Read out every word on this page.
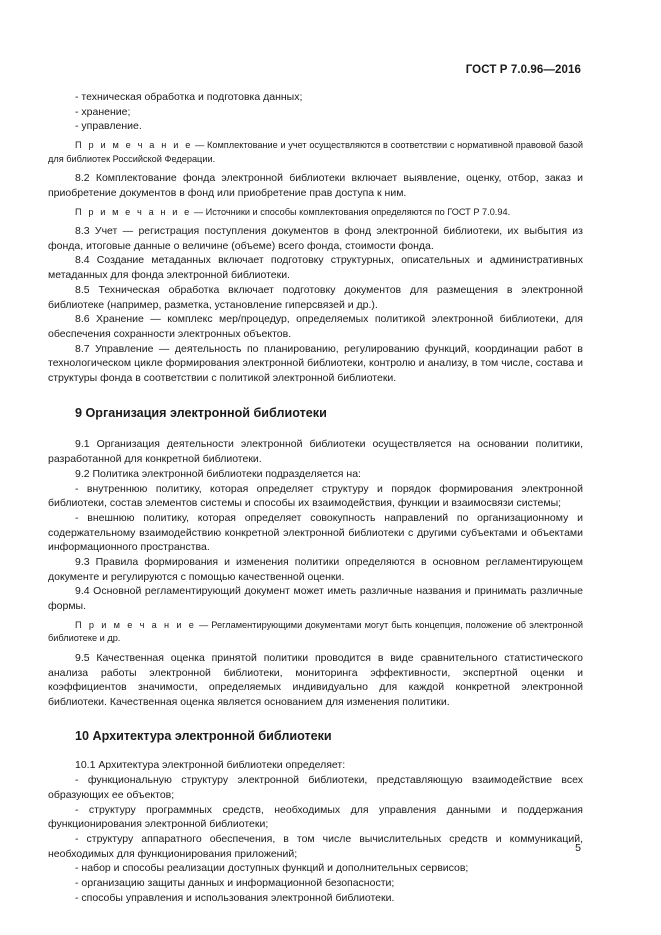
ГОСТ Р 7.0.96—2016

- техническая обработка и подготовка данных;

- хранение;

- управление.

П р и м е ч а н и е — Комплектование и учет осуществляются в соответствии с нормативной правовой базой для библиотек Российской Федерации.

8.2 Комплектование фонда электронной библиотеки включает выявление, оценку, отбор, заказ и приобретение документов в фонд или приобретение прав доступа к ним.

П р и м е ч а н и е — Источники и способы комплектования определяются по ГОСТ Р 7.0.94.

8.3 Учет — регистрация поступления документов в фонд электронной библиотеки, их выбытия из фонда, итоговые данные о величине (объеме) всего фонда, стоимости фонда.

8.4 Создание метаданных включает подготовку структурных, описательных и административных метаданных для фонда электронной библиотеки.

8.5 Техническая обработка включает подготовку документов для размещения в электронной библиотеке (например, разметка, установление гиперсвязей и др.).

8.6 Хранение — комплекс мер/процедур, определяемых политикой электронной библиотеки, для обеспечения сохранности электронных объектов.

8.7 Управление — деятельность по планированию, регулированию функций, координации работ в технологическом цикле формирования электронной библиотеки, контролю и анализу, в том числе, состава и структуры фонда в соответствии с политикой электронной библиотеки.

9 Организация электронной библиотеки

9.1 Организация деятельности электронной библиотеки осуществляется на основании политики, разработанной для конкретной библиотеки.

9.2 Политика электронной библиотеки подразделяется на:

- внутреннюю политику, которая определяет структуру и порядок формирования электронной библиотеки, состав элементов системы и способы их взаимодействия, функции и взаимосвязи системы;

- внешнюю политику, которая определяет совокупность направлений по организационному и содержательному взаимодействию конкретной электронной библиотеки с другими субъектами и объектами информационного пространства.

9.3 Правила формирования и изменения политики определяются в основном регламентирующем документе и регулируются с помощью качественной оценки.

9.4 Основной регламентирующий документ может иметь различные названия и принимать различные формы.

П р и м е ч а н и е — Регламентирующими документами могут быть концепция, положение об электронной библиотеке и др.

9.5 Качественная оценка принятой политики проводится в виде сравнительного статистического анализа работы электронной библиотеки, мониторинга эффективности, экспертной оценки и коэффициентов значимости, определяемых индивидуально для каждой конкретной электронной библиотеки. Качественная оценка является основанием для изменения политики.

10 Архитектура электронной библиотеки

10.1 Архитектура электронной библиотеки определяет:

- функциональную структуру электронной библиотеки, представляющую взаимодействие всех образующих ее объектов;

- структуру программных средств, необходимых для управления данными и поддержания функционирования электронной библиотеки;

- структуру аппаратного обеспечения, в том числе вычислительных средств и коммуникаций, необходимых для функционирования приложений;

- набор и способы реализации доступных функций и дополнительных сервисов;

- организацию защиты данных и информационной безопасности;

- способы управления и использования электронной библиотеки.

5
